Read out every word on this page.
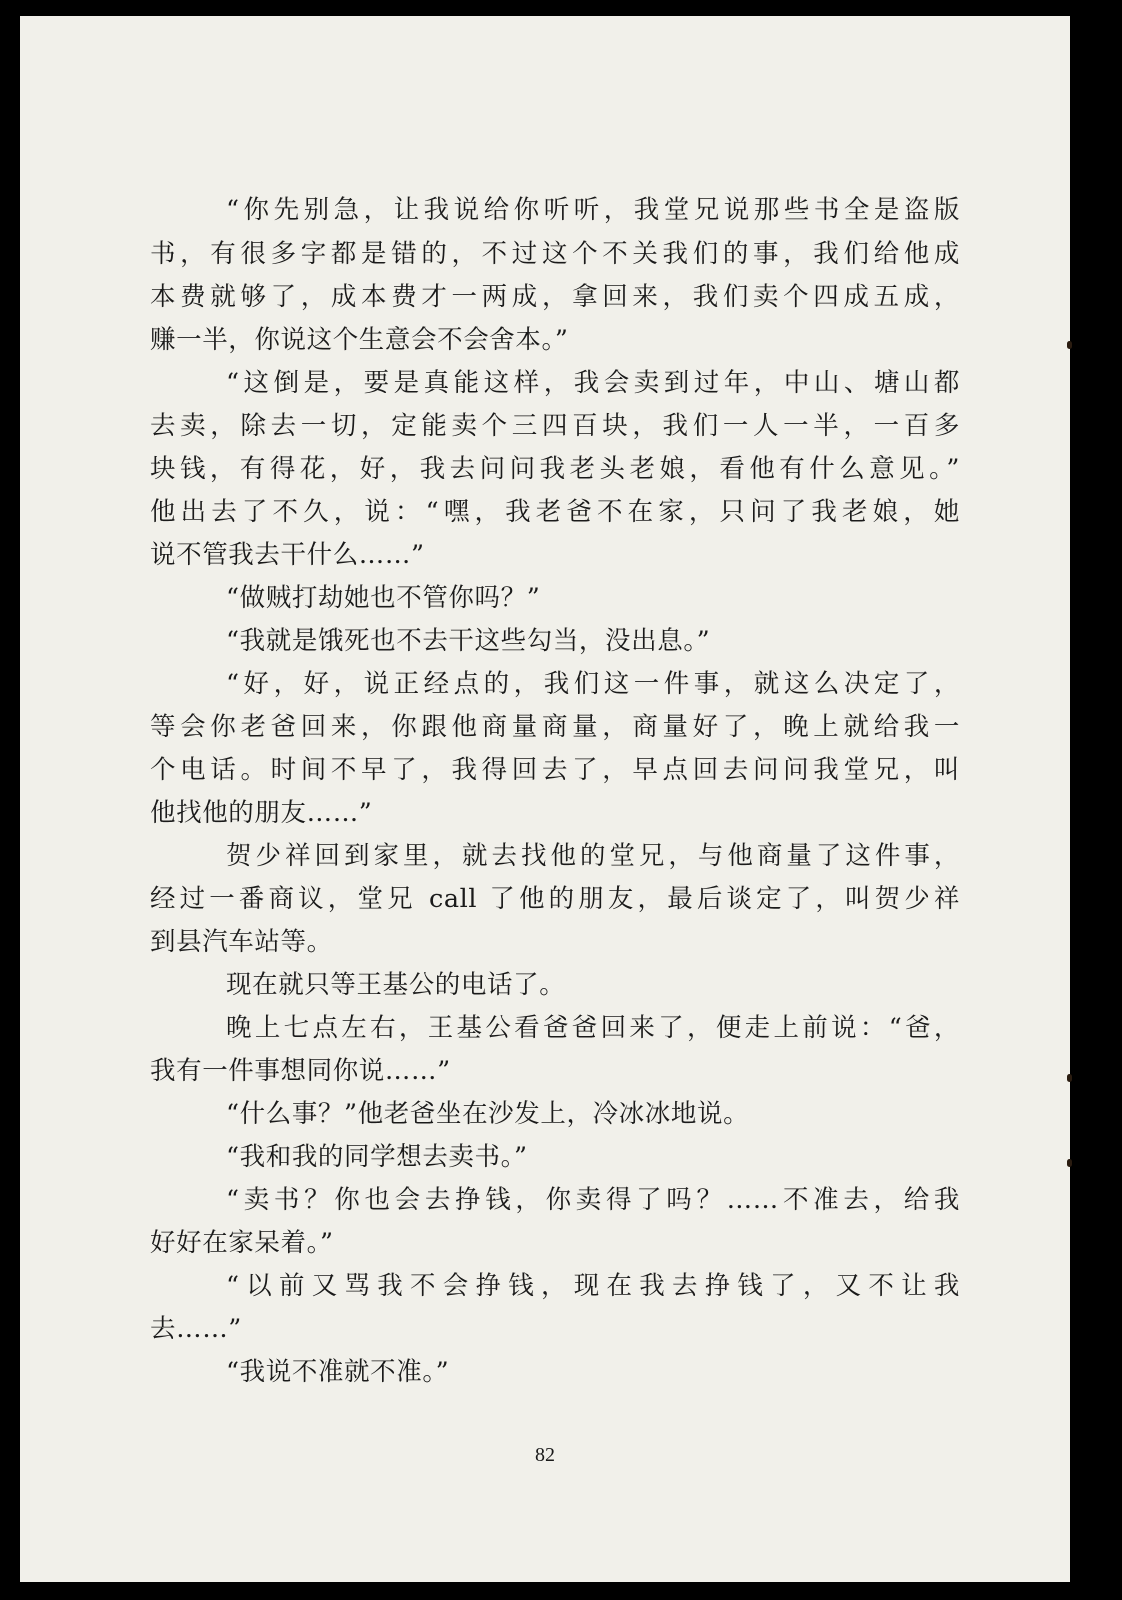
“你先别急，让我说给你听听，我堂兄说那些书全是盗版
书，有很多字都是错的，不过这个不关我们的事，我们给他成
本费就够了，成本费才一两成，拿回来，我们卖个四成五成，
赚一半，你说这个生意会不会舍本。”
“这倒是，要是真能这样，我会卖到过年，中山、塘山都
去卖，除去一切，定能卖个三四百块，我们一人一半，一百多
块钱，有得花，好，我去问问我老头老娘，看他有什么意见。”
他出去了不久，说：“嘿，我老爸不在家，只问了我老娘，她
说不管我去干什么……”
“做贼打劫她也不管你吗？”
“我就是饿死也不去干这些勾当，没出息。”
“好，好，说正经点的，我们这一件事，就这么决定了，
等会你老爸回来，你跟他商量商量，商量好了，晚上就给我一
个电话。时间不早了，我得回去了，早点回去问问我堂兄，叫
他找他的朋友……”
贺少祥回到家里，就去找他的堂兄，与他商量了这件事，
经过一番商议，堂兄 call 了他的朋友，最后谈定了，叫贺少祥
到县汽车站等。
现在就只等王基公的电话了。
晚上七点左右，王基公看爸爸回来了，便走上前说：“爸，
我有一件事想同你说……”
“什么事？”他老爸坐在沙发上，冷冰冰地说。
“我和我的同学想去卖书。”
“卖书？你也会去挣钱，你卖得了吗？……不准去，给我
好好在家呆着。”
“以前又骂我不会挣钱，现在我去挣钱了，又不让我
去……”
“我说不准就不准。”
82
